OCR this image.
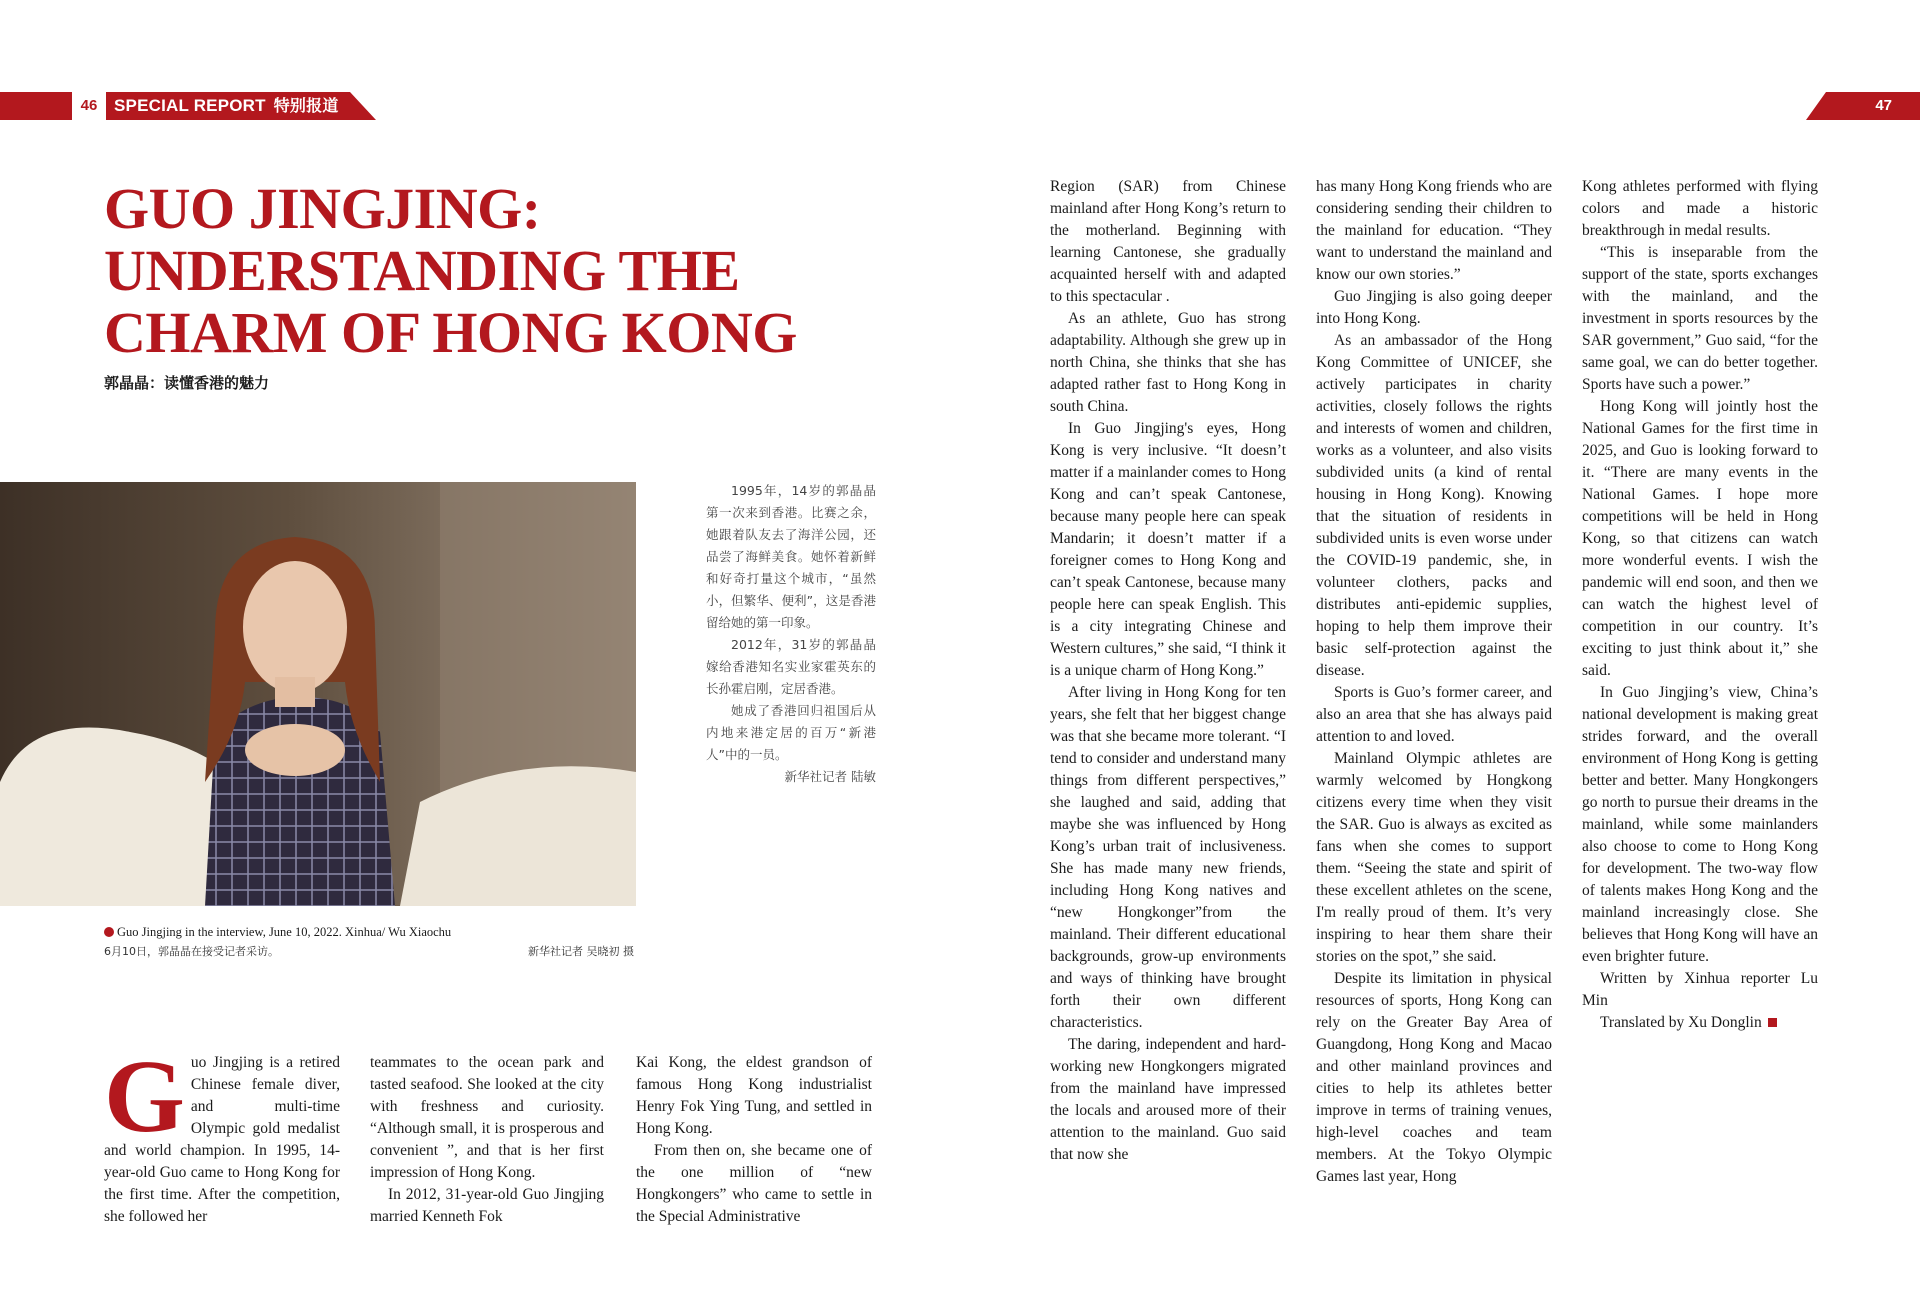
46 SPECIAL REPORT 特别报道	47
GUO JINGJING:
UNDERSTANDING THE
CHARM OF HONG KONG
郭晶晶：读懂香港的魅力

1995年，14岁的郭晶晶第一次来到香港。比赛之余，她跟着队友去了海洋公园，还品尝了海鲜美食。她怀着新鲜和好奇打量这个城市，“虽然小，但繁华、便利”，这是香港留给她的第一印象。

2012年，31岁的郭晶晶嫁给香港知名实业家霍英东的长孙霍启刚，定居香港。

她成了香港回归祖国后从内地来港定居的百万“新港人”中的一员。

新华社记者 陆敏

Guo Jingjing in the interview, June 10, 2022. Xinhua/ Wu Xiaochu
6月10日，郭晶晶在接受记者采访。	新华社记者 吴晓初 摄

Guo Jingjing is a retired Chinese female diver, and multi-time Olympic gold medalist and world champion. In 1995, 14-year-old Guo came to Hong Kong for the first time. After the competition, she followed her

teammates to the ocean park and tasted seafood. She looked at the city with freshness and curiosity. “Although small, it is prosperous and convenient ”, and that is her first impression of Hong Kong.

In 2012, 31-year-old Guo Jingjing married Kenneth Fok

Kai Kong, the eldest grandson of famous Hong Kong industrialist Henry Fok Ying Tung, and settled in Hong Kong.

From then on, she became one of the one million of “new Hongkongers” who came to settle in the Special Administrative

Region (SAR) from Chinese mainland after Hong Kong’s return to the motherland. Beginning with learning Cantonese, she gradually acquainted herself with and adapted to this spectacular .

As an athlete, Guo has strong adaptability. Although she grew up in north China, she thinks that she has adapted rather fast to Hong Kong in south China.

In Guo Jingjing's eyes, Hong Kong is very inclusive. “It doesn’t matter if a mainlander comes to Hong Kong and can’t speak Cantonese, because many people here can speak Mandarin; it doesn’t matter if a foreigner comes to Hong Kong and can’t speak Cantonese, because many people here can speak English. This is a city integrating Chinese and Western cultures,” she said, “I think it is a unique charm of Hong Kong.”

After living in Hong Kong for ten years, she felt that her biggest change was that she became more tolerant. “I tend to consider and understand many things from different perspectives,” she laughed and said, adding that maybe she was influenced by Hong Kong’s urban trait of inclusiveness. She has made many new friends, including Hong Kong natives and “new Hongkonger”from the mainland. Their different educational backgrounds, grow-up environments and ways of thinking have brought forth their own different characteristics.

The daring, independent and hard-working new Hongkongers migrated from the mainland have impressed the locals and aroused more of their attention to the mainland. Guo said that now she

has many Hong Kong friends who are considering sending their children to the mainland for education. “They want to understand the mainland and know our own stories.”

Guo Jingjing is also going deeper into Hong Kong.

As an ambassador of the Hong Kong Committee of UNICEF, she actively participates in charity activities, closely follows the rights and interests of women and children, works as a volunteer, and also visits subdivided units (a kind of rental housing in Hong Kong). Knowing that the situation of residents in subdivided units is even worse under the COVID-19 pandemic, she, in volunteer clothers, packs and distributes anti-epidemic supplies, hoping to help them improve their basic self-protection against the disease.

Sports is Guo’s former career, and also an area that she has always paid attention to and loved.

Mainland Olympic athletes are warmly welcomed by Hongkong citizens every time when they visit the SAR. Guo is always as excited as fans when she comes to support them. “Seeing the state and spirit of these excellent athletes on the scene, I'm really proud of them. It’s very inspiring to hear them share their stories on the spot,” she said.

Despite its limitation in physical resources of sports, Hong Kong can rely on the Greater Bay Area of Guangdong, Hong Kong and Macao and other mainland provinces and cities to help its athletes better improve in terms of training venues, high-level coaches and team members. At the Tokyo Olympic Games last year, Hong

Kong athletes performed with flying colors and made a historic breakthrough in medal results.

“This is inseparable from the support of the state, sports exchanges with the mainland, and the investment in sports resources by the SAR government,” Guo said, “for the same goal, we can do better together. Sports have such a power.”

Hong Kong will jointly host the National Games for the first time in 2025, and Guo is looking forward to it. “There are many events in the National Games. I hope more competitions will be held in Hong Kong, so that citizens can watch more wonderful events. I wish the pandemic will end soon, and then we can watch the highest level of competition in our country. It’s exciting to just think about it,” she said.

In Guo Jingjing’s view, China’s national development is making great strides forward, and the overall environment of Hong Kong is getting better and better. Many Hongkongers go north to pursue their dreams in the mainland, while some mainlanders also choose to come to Hong Kong for development. The two-way flow of talents makes Hong Kong and the mainland increasingly close. She believes that Hong Kong will have an even brighter future.

Written by Xinhua reporter Lu Min

Translated by Xu Donglin
